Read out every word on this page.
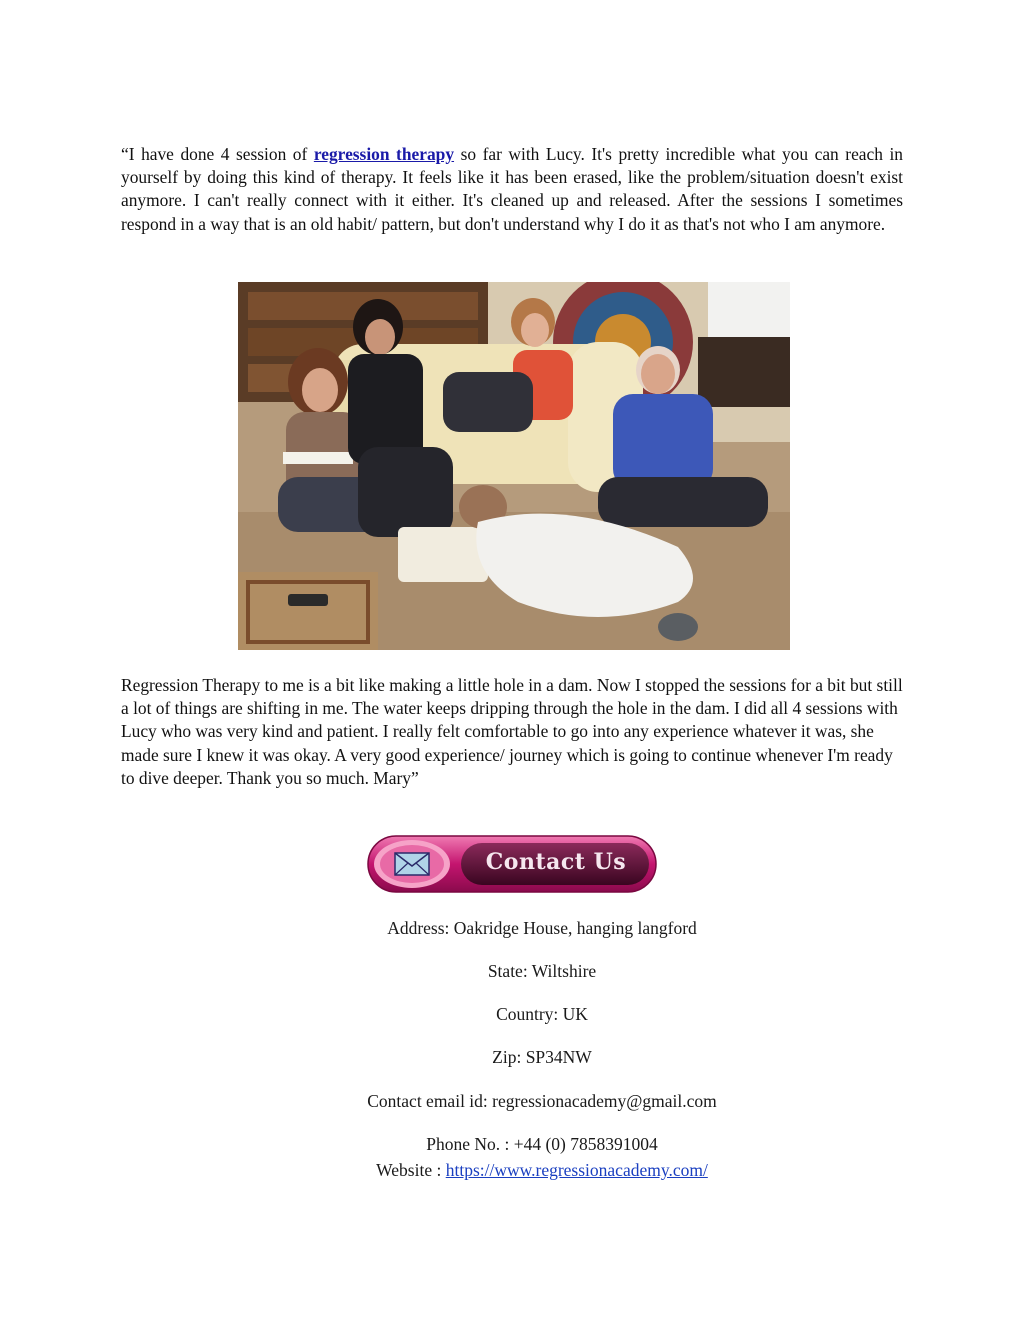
“I have done 4 session of regression therapy so far with Lucy. It's pretty incredible what you can reach in yourself by doing this kind of therapy. It feels like it has been erased, like the problem/situation doesn't exist anymore. I can't really connect with it either. It's cleaned up and released. After the sessions I sometimes respond in a way that is an old habit/ pattern, but don't understand why I do it as that's not who I am anymore.
Regression Therapy to me is a bit like making a little hole in a dam. Now I stopped the sessions for a bit but still a lot of things are shifting in me. The water keeps dripping through the hole in the dam. I did all 4 sessions with Lucy who was very kind and patient. I really felt comfortable to go into any experience whatever it was, she made sure I knew it was okay. A very good experience/ journey which is going to continue whenever I'm ready to dive deeper. Thank you so much. Mary”
Contact Us
Address: Oakridge House, hanging langford
State: Wiltshire
Country: UK
Zip: SP34NW
Contact email id: regressionacademy@gmail.com
Phone No. : +44 (0) 7858391004
Website : https://www.regressionacademy.com/
